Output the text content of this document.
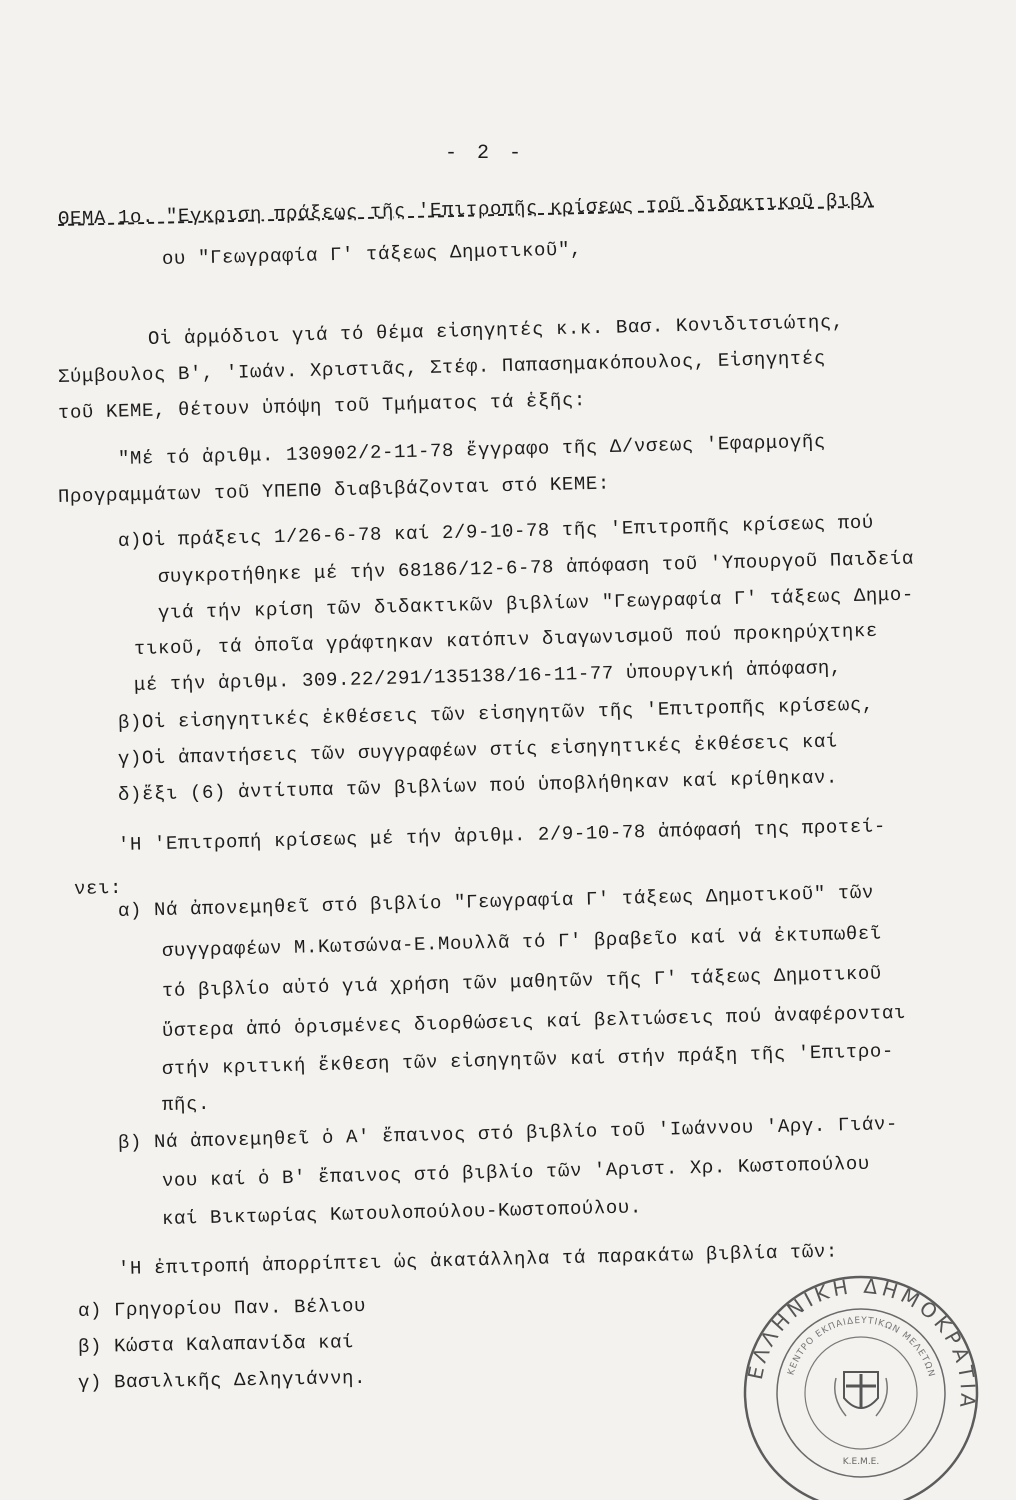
- 2 -
ΘΕΜΑ 1ο. "Εγκριση πράξεως τῆς 'Επιτροπῆς κρίσεως τοῦ διδακτικοῦ βιβλ
ου "Γεωγραφία Γ' τάξεως Δημοτικοῦ",
Οἱ ἁρμόδιοι γιά τό θέμα εἰσηγητές κ.κ. Βασ. Κονιδιτσιώτης,
Σύμβουλος Β', 'Ιωάν. Χριστιᾶς, Στέφ. Παπασημακόπουλος, Εἰσηγητές
τοῦ ΚΕΜΕ, θέτουν ὑπόψη τοῦ Τμήματος τά ἑξῆς:
"Μέ τό ἀριθμ. 130902/2-11-78 ἔγγραφο τῆς Δ/νσεως 'Εφαρμογῆς
Προγραμμάτων τοῦ ΥΠΕΠΘ διαβιβάζονται στό ΚΕΜΕ:
α)Οἱ πράξεις 1/26-6-78 καί 2/9-10-78 τῆς 'Επιτροπῆς κρίσεως πού
συγκροτήθηκε μέ τήν 68186/12-6-78 ἀπόφαση τοῦ 'Υπουργοῦ Παιδεία
γιά τήν κρίση τῶν διδακτικῶν βιβλίων "Γεωγραφία Γ' τάξεως Δημο-
τικοῦ, τά ὁποῖα γράφτηκαν κατόπιν διαγωνισμοῦ πού προκηρύχτηκε
μέ τήν ἀριθμ. 309.22/291/135138/16-11-77 ὑπουργική ἀπόφαση,
β)Οἱ εἰσηγητικές ἐκθέσεις τῶν εἰσηγητῶν τῆς 'Επιτροπῆς κρίσεως,
γ)Οἱ ἀπαντήσεις τῶν συγγραφέων στίς εἰσηγητικές ἐκθέσεις καί
δ)ἕξι (6) ἀντίτυπα τῶν βιβλίων πού ὑποβλήθηκαν καί κρίθηκαν.
'Η 'Επιτροπή κρίσεως μέ τήν ἀριθμ. 2/9-10-78 ἀπόφασή της προτεί-
νει:
α) Νά ἀπονεμηθεῖ στό βιβλίο "Γεωγραφία Γ' τάξεως Δημοτικοῦ" τῶν
συγγραφέων Μ.Κωτσώνα-Ε.Μουλλᾶ τό Γ' βραβεῖο καί νά ἐκτυπωθεῖ
τό βιβλίο αὐτό γιά χρήση τῶν μαθητῶν τῆς Γ' τάξεως Δημοτικοῦ
ὕστερα ἀπό ὁρισμένες διορθώσεις καί βελτιώσεις πού ἀναφέρονται
στήν κριτική ἔκθεση τῶν εἰσηγητῶν καί στήν πράξη τῆς 'Επιτρο-
πῆς.
β) Νά ἀπονεμηθεῖ ὁ Α' ἔπαινος στό βιβλίο τοῦ 'Ιωάννου 'Αργ. Γιάν-
νου καί ὁ Β' ἔπαινος στό βιβλίο τῶν 'Αριστ. Χρ. Κωστοπούλου
καί Βικτωρίας Κωτουλοπούλου-Κωστοπούλου.
'Η ἐπιτροπή ἀπορρίπτει ὡς ἀκατάλληλα τά παρακάτω βιβλία τῶν:
α) Γρηγορίου Παν. Βέλιου
β) Κώστα Καλαπανίδα καί
γ) Βασιλικῆς Δεληγιάννη.	ΕΛΛΗΝΙΚΗ ΔΗΜΟΚΡΑΤΙΑ
ΚΕΝΤΡΟ ΕΚΠΑΙΔΕΥΤΙΚΩΝ ΜΕΛΕΤΩΝ
Κ.Ε.Μ.Ε.
